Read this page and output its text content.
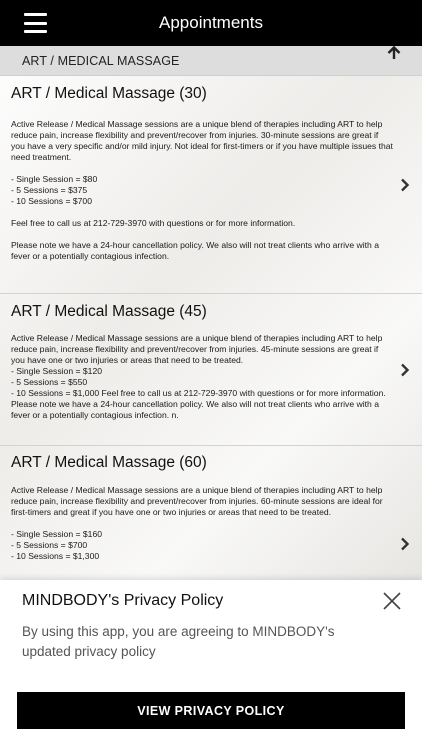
Appointments
ART / MEDICAL MASSAGE
ART / Medical Massage (30)
Active Release / Medical Massage sessions are a unique blend of therapies including ART to help reduce pain, increase flexibility and prevent/recover from injuries. 30-minute sessions are great if you have a very specific and/or mild injury. Not ideal for first-timers or if you have multiple issues that need treatment.

- Single Session = $80
- 5 Sessions = $375
- 10 Sessions = $700

Feel free to call us at 212-729-3970 with questions or for more information.

Please note we have a 24-hour cancellation policy. We also will not treat clients who arrive with a fever or a potentially contagious infection.
ART / Medical Massage (45)
Active Release / Medical Massage sessions are a unique blend of therapies including ART to help reduce pain, increase flexibility and prevent/recover from injuries. 45-minute sessions are great if you have one or two injuries or areas that need to be treated.
- Single Session = $120
- 5 Sessions = $550
- 10 Sessions = $1,000 Feel free to call us at 212-729-3970 with questions or for more information. Please note we have a 24-hour cancellation policy. We also will not treat clients who arrive with a fever or a potentially contagious infection. n.
ART / Medical Massage (60)
Active Release / Medical Massage sessions are a unique blend of therapies including ART to help reduce pain, increase flexibility and prevent/recover from injuries. 60-minute sessions are ideal for first-timers and great if you have one or two injuries or areas that need to be treated.

- Single Session = $160
- 5 Sessions = $700
- 10 Sessions = $1,300
MINDBODY's Privacy Policy
By using this app, you are agreeing to MINDBODY's updated privacy policy
VIEW PRIVACY POLICY
